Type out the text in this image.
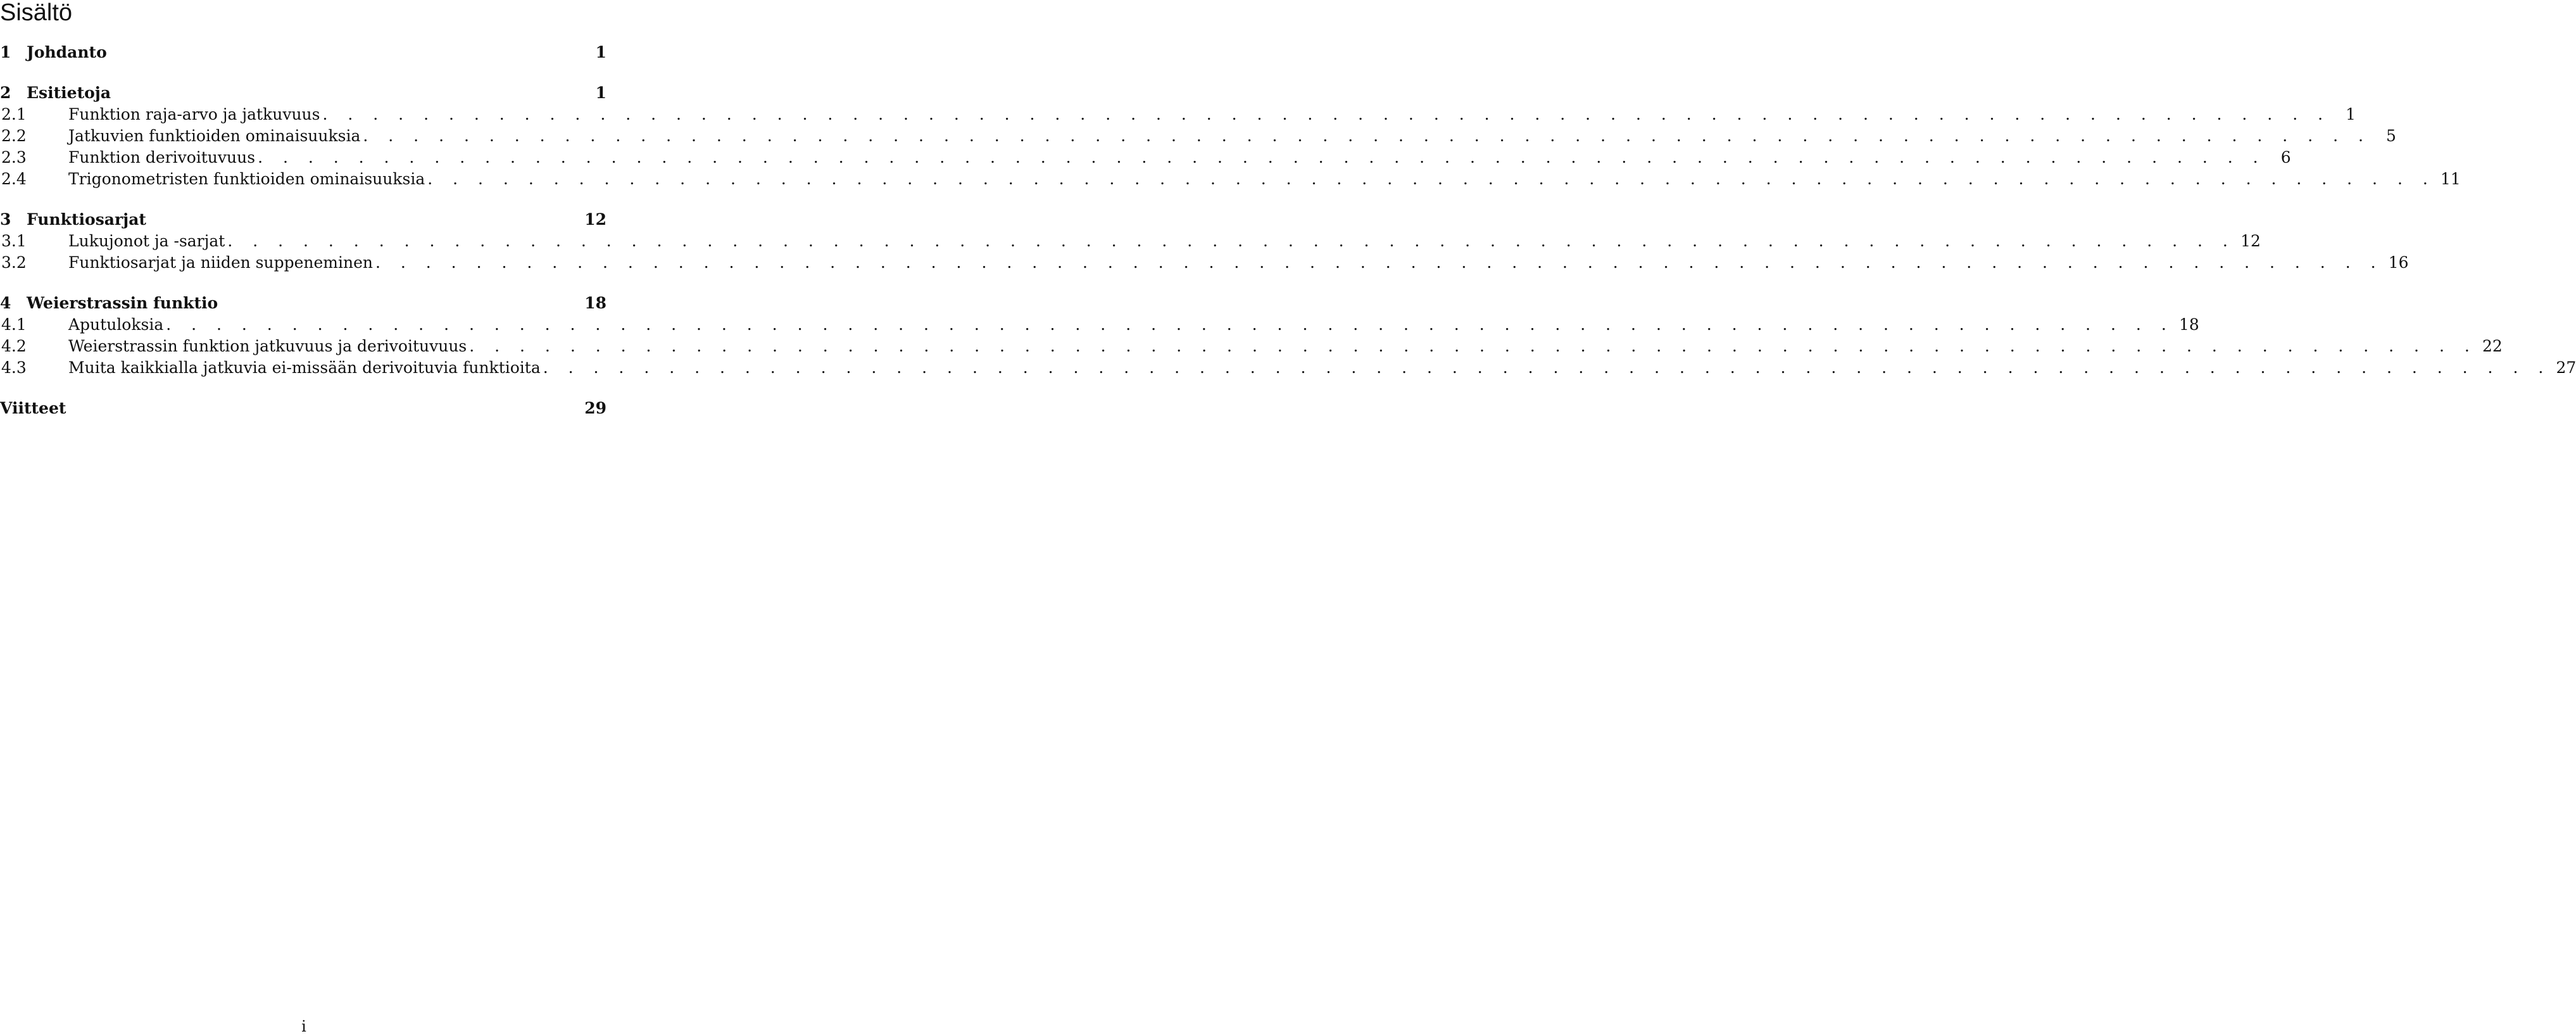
Sisältö
1 Johdanto	1
2 Esitietoja	1
2.1	Funktion raja-arvo ja jatkuvuus . . . . . . . . . . . . . . . . . . . . . . . . . . . . . . . . . . . . . . . . . . . . . . . . . . . . . . . . . . . . . . . . . . . . . . . . . . . . . . . . 1
2.2	Jatkuvien funktioiden ominaisuuksia . . . . . . . . . . . . . . . . . . . . . . . . . . . . . . . . . . . . . . . . . . . . . . . . . . . . . . . . . . . . . . . . . . . . . . . . . . . . . . . . 5
2.3	Funktion derivoituvuus . . . . . . . . . . . . . . . . . . . . . . . . . . . . . . . . . . . . . . . . . . . . . . . . . . . . . . . . . . . . . . . . . . . . . . . . . . . . . . . . 6
2.4	Trigonometristen funktioiden ominaisuuksia . . . . . . . . . . . . . . . . . . . . . . . . . . . . . . . . . . . . . . . . . . . . . . . . . . . . . . . . . . . . . . . . . . . . . . . . . . . . . . . . 11
3 Funktiosarjat	12
3.1	Lukujonot ja -sarjat . . . . . . . . . . . . . . . . . . . . . . . . . . . . . . . . . . . . . . . . . . . . . . . . . . . . . . . . . . . . . . . . . . . . . . . . . . . . . . . . 12
3.2	Funktiosarjat ja niiden suppeneminen . . . . . . . . . . . . . . . . . . . . . . . . . . . . . . . . . . . . . . . . . . . . . . . . . . . . . . . . . . . . . . . . . . . . . . . . . . . . . . . . 16
4 Weierstrassin funktio	18
4.1	Aputuloksia . . . . . . . . . . . . . . . . . . . . . . . . . . . . . . . . . . . . . . . . . . . . . . . . . . . . . . . . . . . . . . . . . . . . . . . . . . . . . . . . 18
4.2	Weierstrassin funktion jatkuvuus ja derivoituvuus . . . . . . . . . . . . . . . . . . . . . . . . . . . . . . . . . . . . . . . . . . . . . . . . . . . . . . . . . . . . . . . . . . . . . . . . . . . . . . . . 22
4.3	Muita kaikkialla jatkuvia ei-missään derivoituvia funktioita . . . . . . . . . . . . . . . . . . . . . . . . . . . . . . . . . . . . . . . . . . . . . . . . . . . . . . . . . . . . . . . . . . . . . . . . . . . . . . . . 27
Viitteet	29
i
